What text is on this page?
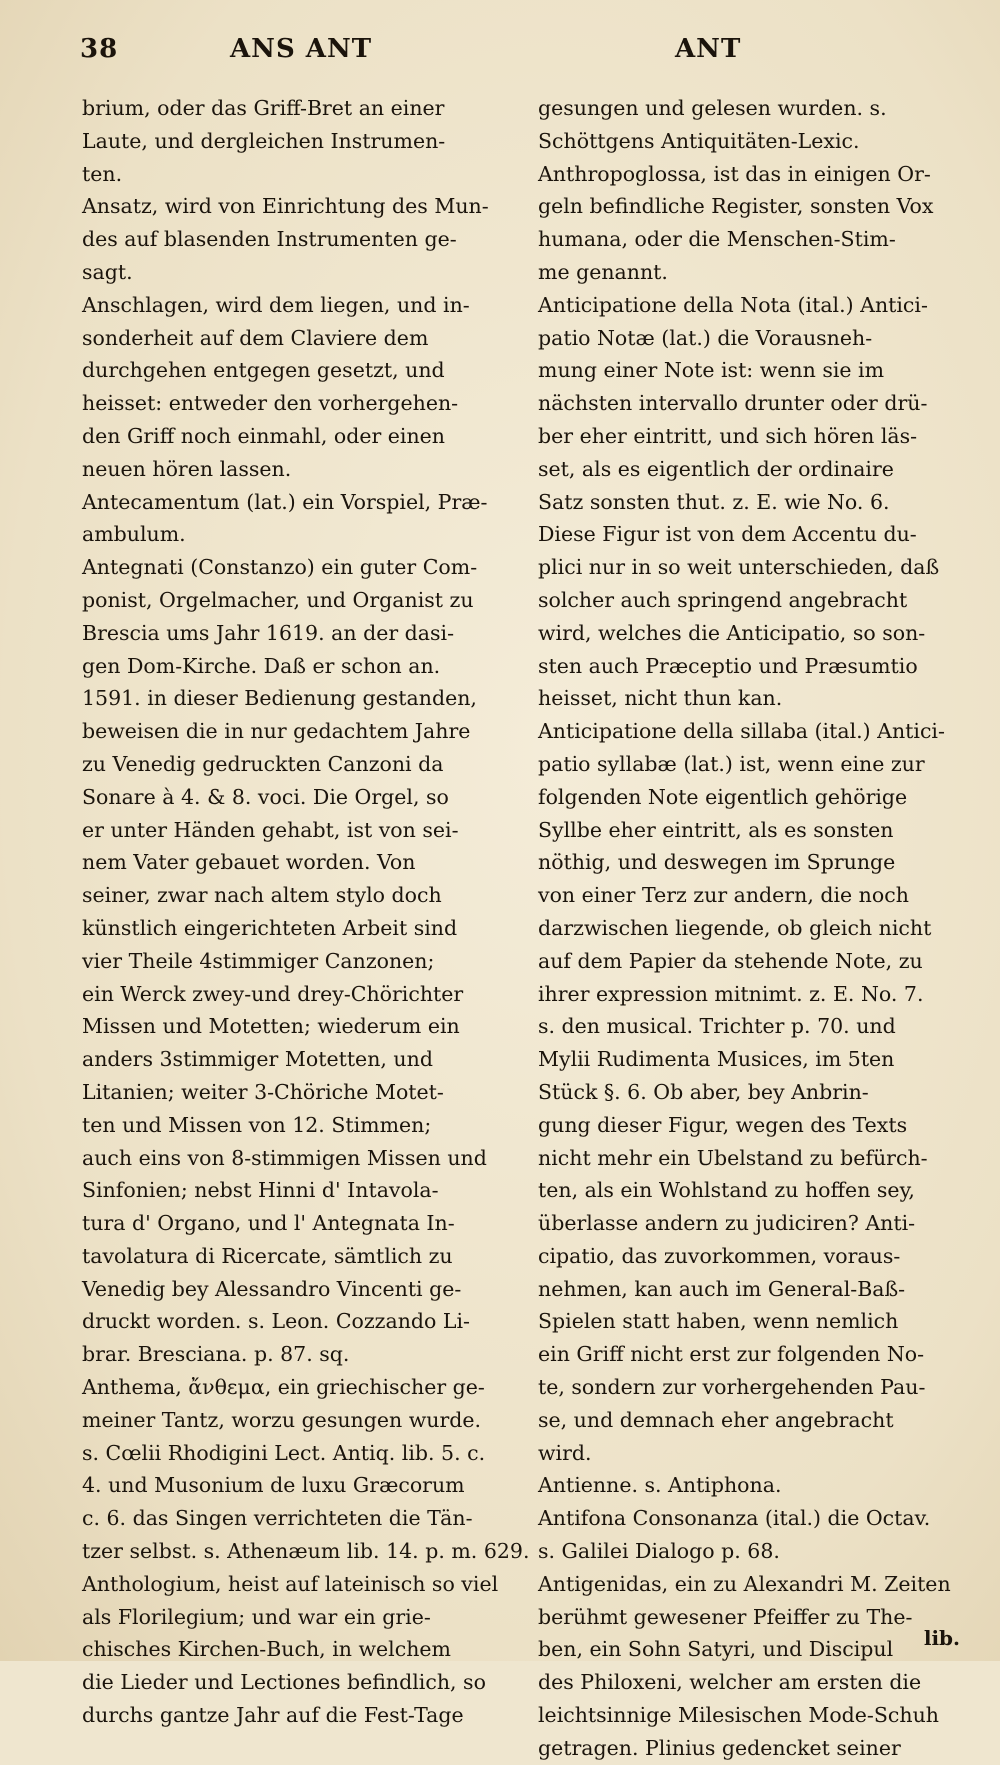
38	ANS ANT	ANT
brium, oder das Griff-Bret an einer
Laute, und dergleichen Instrumen-
ten.
Ansatz, wird von Einrichtung des Mun-
des auf blasenden Instrumenten ge-
sagt.
Anschlagen, wird dem liegen, und in-
sonderheit auf dem Claviere dem
durchgehen entgegen gesetzt, und
heisset: entweder den vorhergehen-
den Griff noch einmahl, oder einen
neuen hören lassen.
Antecamentum (lat.) ein Vorspiel, Præ-
ambulum.
Antegnati (Constanzo) ein guter Com-
ponist, Orgelmacher, und Organist zu
Brescia ums Jahr 1619. an der dasi-
gen Dom-Kirche. Daß er schon an.
1591. in dieser Bedienung gestanden,
beweisen die in nur gedachtem Jahre
zu Venedig gedruckten Canzoni da
Sonare à 4. & 8. voci. Die Orgel, so
er unter Händen gehabt, ist von sei-
nem Vater gebauet worden. Von
seiner, zwar nach altem stylo doch
künstlich eingerichteten Arbeit sind
vier Theile 4stimmiger Canzonen;
ein Werck zwey-und drey-Chörichter
Missen und Motetten; wiederum ein
anders 3stimmiger Motetten, und
Litanien; weiter 3-Chöriche Motet-
ten und Missen von 12. Stimmen;
auch eins von 8-stimmigen Missen und
Sinfonien; nebst Hinni d' Intavola-
tura d' Organo, und l' Antegnata In-
tavolatura di Ricercate, sämtlich zu
Venedig bey Alessandro Vincenti ge-
druckt worden. s. Leon. Cozzando Li-
brar. Bresciana. p. 87. sq.
Anthema, ἄνθεμα, ein griechischer ge-
meiner Tantz, worzu gesungen wurde.
s. Cœlii Rhodigini Lect. Antiq. lib. 5. c.
4. und Musonium de luxu Græcorum
c. 6. das Singen verrichteten die Tän-
tzer selbst. s. Athenæum lib. 14. p. m. 629.
Anthologium, heist auf lateinisch so viel
als Florilegium; und war ein grie-
chisches Kirchen-Buch, in welchem
die Lieder und Lectiones befindlich, so
durchs gantze Jahr auf die Fest-Tage
gesungen und gelesen wurden. s.
Schöttgens Antiquitäten-Lexic.
Anthropoglossa, ist das in einigen Or-
geln befindliche Register, sonsten Vox
humana, oder die Menschen-Stim-
me genannt.
Anticipatione della Nota (ital.) Antici-
patio Notæ (lat.) die Vorausneh-
mung einer Note ist: wenn sie im
nächsten intervallo drunter oder drü-
ber eher eintritt, und sich hören läs-
set, als es eigentlich der ordinaire
Satz sonsten thut. z. E. wie No. 6.
Diese Figur ist von dem Accentu du-
plici nur in so weit unterschieden, daß
solcher auch springend angebracht
wird, welches die Anticipatio, so son-
sten auch Præceptio und Præsumtio
heisset, nicht thun kan.
Anticipatione della sillaba (ital.) Antici-
patio syllabæ (lat.) ist, wenn eine zur
folgenden Note eigentlich gehörige
Syllbe eher eintritt, als es sonsten
nöthig, und deswegen im Sprunge
von einer Terz zur andern, die noch
darzwischen liegende, ob gleich nicht
auf dem Papier da stehende Note, zu
ihrer expression mitnimt. z. E. No. 7.
s. den musical. Trichter p. 70. und
Mylii Rudimenta Musices, im 5ten
Stück §. 6. Ob aber, bey Anbrin-
gung dieser Figur, wegen des Texts
nicht mehr ein Ubelstand zu befürch-
ten, als ein Wohlstand zu hoffen sey,
überlasse andern zu judiciren? Anti-
cipatio, das zuvorkommen, voraus-
nehmen, kan auch im General-Baß-
Spielen statt haben, wenn nemlich
ein Griff nicht erst zur folgenden No-
te, sondern zur vorhergehenden Pau-
se, und demnach eher angebracht
wird.
Antienne. s. Antiphona.
Antifona Consonanza (ital.) die Octav.
s. Galilei Dialogo p. 68.
Antigenidas, ein zu Alexandri M. Zeiten
berühmt gewesener Pfeiffer zu The-
ben, ein Sohn Satyri, und Discipul
des Philoxeni, welcher am ersten die
leichtsinnige Milesischen Mode-Schuh
getragen. Plinius gedencket seiner
lib.
